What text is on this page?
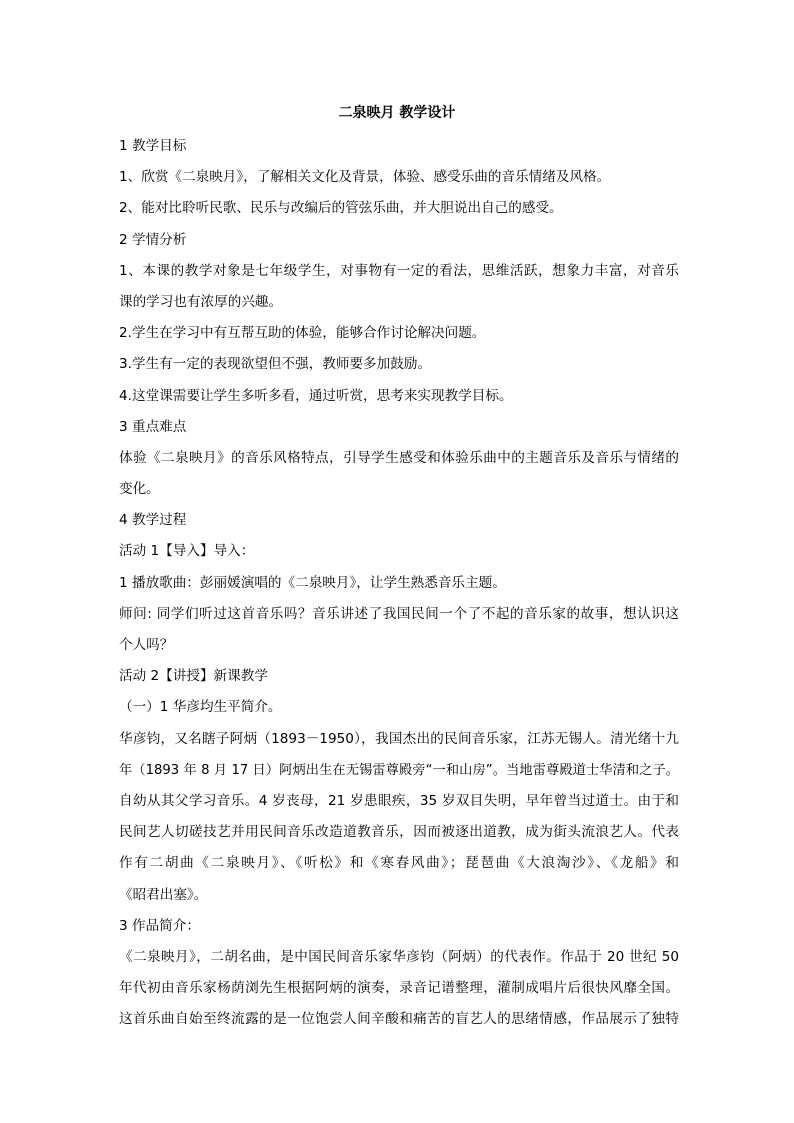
二泉映月 教学设计
1 教学目标
1、欣赏《二泉映月》，了解相关文化及背景，体验、感受乐曲的音乐情绪及风格。
2、能对比聆听民歌、民乐与改编后的管弦乐曲，并大胆说出自己的感受。
2 学情分析
1、本课的教学对象是七年级学生，对事物有一定的看法，思维活跃，想象力丰富，对音乐
课的学习也有浓厚的兴趣。
2.学生在学习中有互帮互助的体验，能够合作讨论解决问题。
3.学生有一定的表现欲望但不强，教师要多加鼓励。
4.这堂课需要让学生多听多看，通过听赏，思考来实现教学目标。
3 重点难点
体验《二泉映月》的音乐风格特点，引导学生感受和体验乐曲中的主题音乐及音乐与情绪的
变化。
4 教学过程
活动 1【导入】导入：
1 播放歌曲：彭丽媛演唱的《二泉映月》，让学生熟悉音乐主题。
师问: 同学们听过这首音乐吗？音乐讲述了我国民间一个了不起的音乐家的故事，想认识这
个人吗？
活动 2【讲授】新课教学
（一）1 华彦均生平简介。
华彦钧，又名瞎子阿炳（1893－1950），我国杰出的民间音乐家，江苏无锡人。清光绪十九
年（1893 年 8 月 17 日）阿炳出生在无锡雷尊殿旁“一和山房”。当地雷尊殿道士华清和之子。
自幼从其父学习音乐。4 岁丧母，21 岁患眼疾，35 岁双目失明，早年曾当过道士。由于和
民间艺人切磋技艺并用民间音乐改造道教音乐，因而被逐出道教，成为街头流浪艺人。代表
作有二胡曲《二泉映月》、《听松》和《寒春风曲》；琵琶曲《大浪淘沙》、《龙船》和
《昭君出塞》。
3 作品简介：
《二泉映月》，二胡名曲，是中国民间音乐家华彦钧（阿炳）的代表作。作品于 20 世纪 50
年代初由音乐家杨荫浏先生根据阿炳的演奏，录音记谱整理，灌制成唱片后很快风靡全国。
这首乐曲自始至终流露的是一位饱尝人间辛酸和痛苦的盲艺人的思绪情感，作品展示了独特
